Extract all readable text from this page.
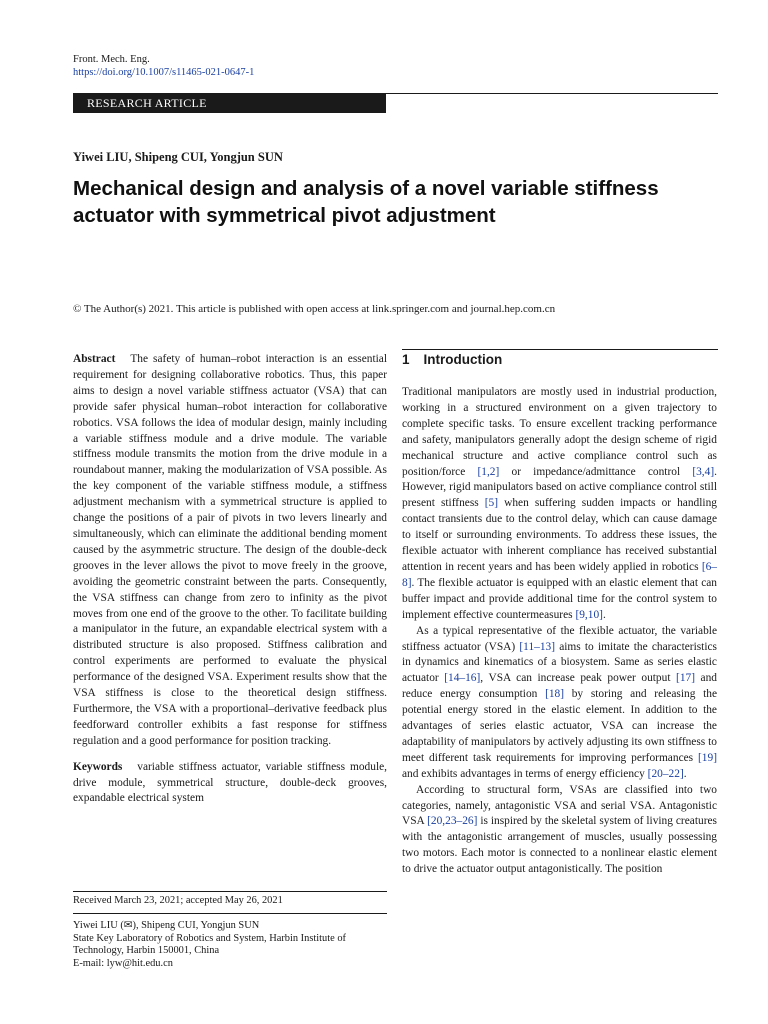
Front. Mech. Eng.
https://doi.org/10.1007/s11465-021-0647-1
RESEARCH ARTICLE
Yiwei LIU, Shipeng CUI, Yongjun SUN
Mechanical design and analysis of a novel variable stiffness actuator with symmetrical pivot adjustment
© The Author(s) 2021. This article is published with open access at link.springer.com and journal.hep.com.cn

Abstract The safety of human–robot interaction is an essential requirement for designing collaborative robotics. Thus, this paper aims to design a novel variable stiffness actuator (VSA) that can provide safer physical human–robot interaction for collaborative robotics. VSA follows the idea of modular design, mainly including a variable stiffness module and a drive module. The variable stiffness module transmits the motion from the drive module in a roundabout manner, making the modularization of VSA possible. As the key component of the variable stiffness module, a stiffness adjustment mechanism with a symmetrical structure is applied to change the positions of a pair of pivots in two levers linearly and simultaneously, which can eliminate the additional bending moment caused by the asymmetric structure. The design of the double-deck grooves in the lever allows the pivot to move freely in the groove, avoiding the geometric constraint between the parts. Consequently, the VSA stiffness can change from zero to infinity as the pivot moves from one end of the groove to the other. To facilitate building a manipulator in the future, an expandable electrical system with a distributed structure is also proposed. Stiffness calibration and control experiments are performed to evaluate the physical performance of the designed VSA. Experiment results show that the VSA stiffness is close to the theoretical design stiffness. Furthermore, the VSA with a proportional–derivative feedback plus feedforward controller exhibits a fast response for stiffness regulation and a good performance for position tracking.

Keywords variable stiffness actuator, variable stiffness module, drive module, symmetrical structure, double-deck grooves, expandable electrical system

Received March 23, 2021; accepted May 26, 2021
Yiwei LIU (✉), Shipeng CUI, Yongjun SUN
State Key Laboratory of Robotics and System, Harbin Institute of Technology, Harbin 150001, China
E-mail: lyw@hit.edu.cn
1 Introduction

Traditional manipulators are mostly used in industrial production, working in a structured environment on a given trajectory to complete specific tasks. To ensure excellent tracking performance and safety, manipulators generally adopt the design scheme of rigid mechanical structure and active compliance control such as position/force [1,2] or impedance/admittance control [3,4]. However, rigid manipulators based on active compliance control still present stiffness [5] when suffering sudden impacts or handling contact transients due to the control delay, which can cause damage to itself or surrounding environments. To address these issues, the flexible actuator with inherent compliance has received substantial attention in recent years and has been widely applied in robotics [6–8]. The flexible actuator is equipped with an elastic element that can buffer impact and provide additional time for the control system to implement effective countermeasures [9,10].

As a typical representative of the flexible actuator, the variable stiffness actuator (VSA) [11–13] aims to imitate the characteristics in dynamics and kinematics of a biosystem. Same as series elastic actuator [14–16], VSA can increase peak power output [17] and reduce energy consumption [18] by storing and releasing the potential energy stored in the elastic element. In addition to the advantages of series elastic actuator, VSA can increase the adaptability of manipulators by actively adjusting its own stiffness to meet different task requirements for improving performances [19] and exhibits advantages in terms of energy efficiency [20–22].

According to structural form, VSAs are classified into two categories, namely, antagonistic VSA and serial VSA. Antagonistic VSA [20,23–26] is inspired by the skeletal system of living creatures with the antagonistic arrangement of muscles, usually possessing two motors. Each motor is connected to a nonlinear elastic element to drive the actuator output antagonistically. The position
